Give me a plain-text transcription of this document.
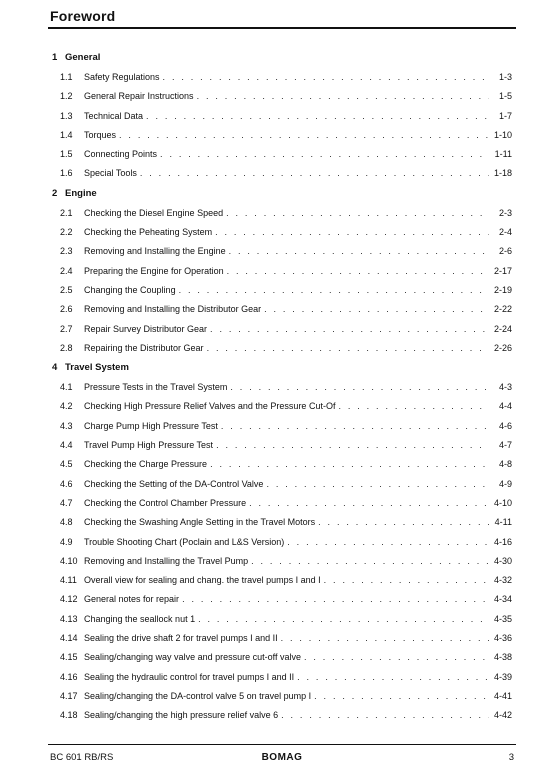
Foreword
1 General
1.1	Safety Regulations . . .	1-3
1.2	General Repair Instructions . . .	1-5
1.3	Technical Data . . .	1-7
1.4	Torques . . .	1-10
1.5	Connecting Points . . .	1-11
1.6	Special Tools . . .	1-18
2 Engine
2.1	Checking the Diesel Engine Speed . . .	2-3
2.2	Checking the Peheating System . . .	2-4
2.3	Removing and Installing the Engine . . .	2-6
2.4	Preparing the Engine for Operation . . .	2-17
2.5	Changing the Coupling . . .	2-19
2.6	Removing and Installing the Distributor Gear . . .	2-22
2.7	Repair Survey Distributor Gear . . .	2-24
2.8	Repairing the Distributor Gear . . .	2-26
4 Travel System
4.1	Pressure Tests in the Travel System . . .	4-3
4.2	Checking High Pressure Relief Valves and the Pressure Cut-Of . . .	4-4
4.3	Charge Pump High Pressure Test . . .	4-6
4.4	Travel Pump High Pressure Test . . .	4-7
4.5	Checking the Charge Pressure . . .	4-8
4.6	Checking the Setting of the DA-Control Valve . . .	4-9
4.7	Checking the Control Chamber Pressure . . .	4-10
4.8	Checking the Swashing Angle Setting in the Travel Motors . . .	4-11
4.9	Trouble Shooting Chart (Poclain and L&S Version) . . .	4-16
4.10 Removing and Installing the Travel Pump . . .	4-30
4.11 Overall view for sealing and chang. the travel pumps I and I . . .	4-32
4.12 General notes for repair . . .	4-34
4.13 Changing the seallock nut 1 . . .	4-35
4.14 Sealing the drive shaft 2 for travel pumps I and II . . .	4-36
4.15 Sealing/changing way valve and pressure cut-off valve . . .	4-38
4.16 Sealing the hydraulic control for travel pumps I and II . . .	4-39
4.17 Sealing/changing the DA-control valve 5 on travel pump I . . .	4-41
4.18 Sealing/changing the high pressure relief valve 6 . . .	4-42
BC 601 RB/RS	BOMAG	3
